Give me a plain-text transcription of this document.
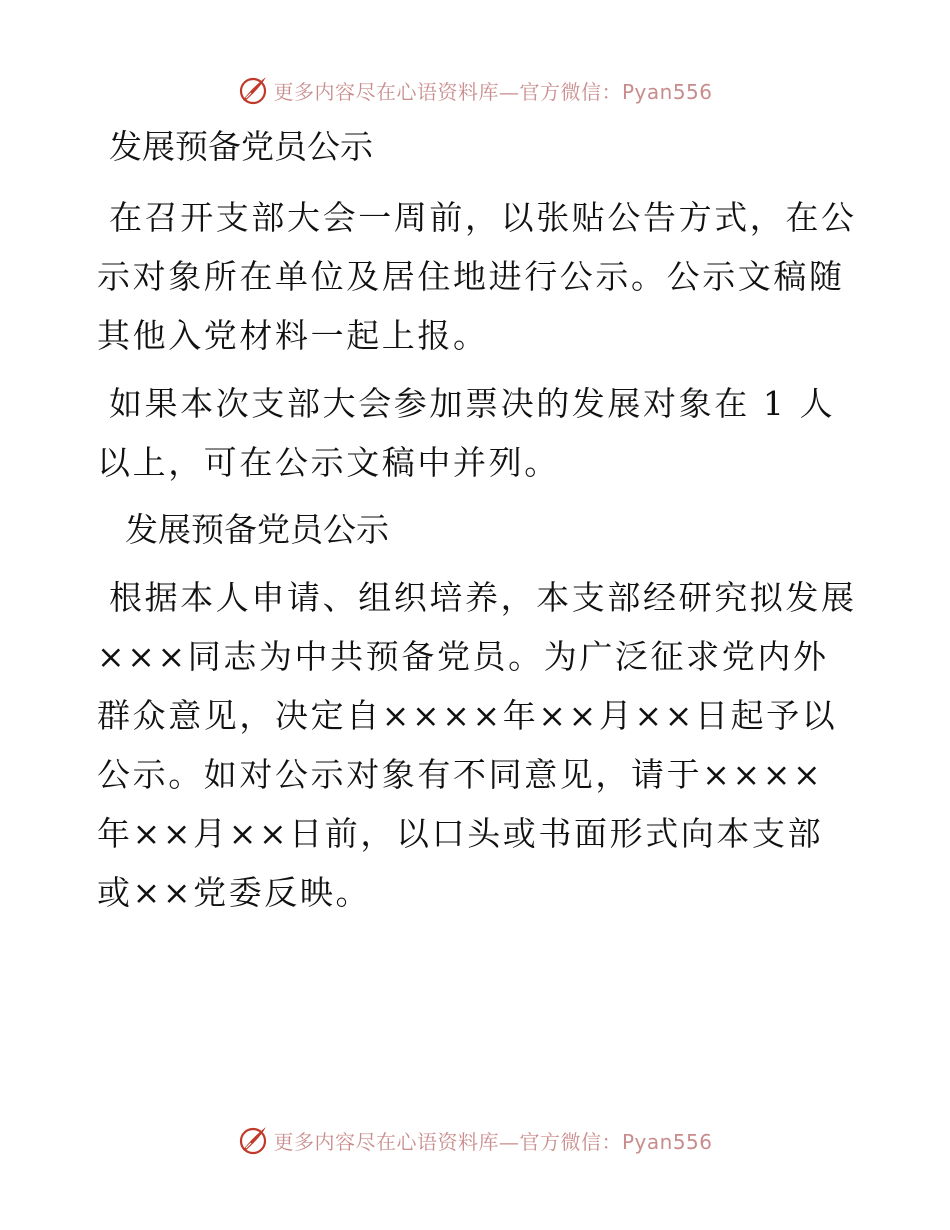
更多内容尽在心语资料库—官方微信：Pyan556

发展预备党员公示

在召开支部大会一周前，以张贴公告方式，在公示对象所在单位及居住地进行公示。公示文稿随其他入党材料一起上报。

如果本次支部大会参加票决的发展对象在 1 人以上，可在公示文稿中并列。

发展预备党员公示

根据本人申请、组织培养，本支部经研究拟发展×××同志为中共预备党员。为广泛征求党内外群众意见，决定自××××年××月××日起予以公示。如对公示对象有不同意见，请于××××年××月××日前，以口头或书面形式向本支部或××党委反映。

更多内容尽在心语资料库—官方微信：Pyan556
